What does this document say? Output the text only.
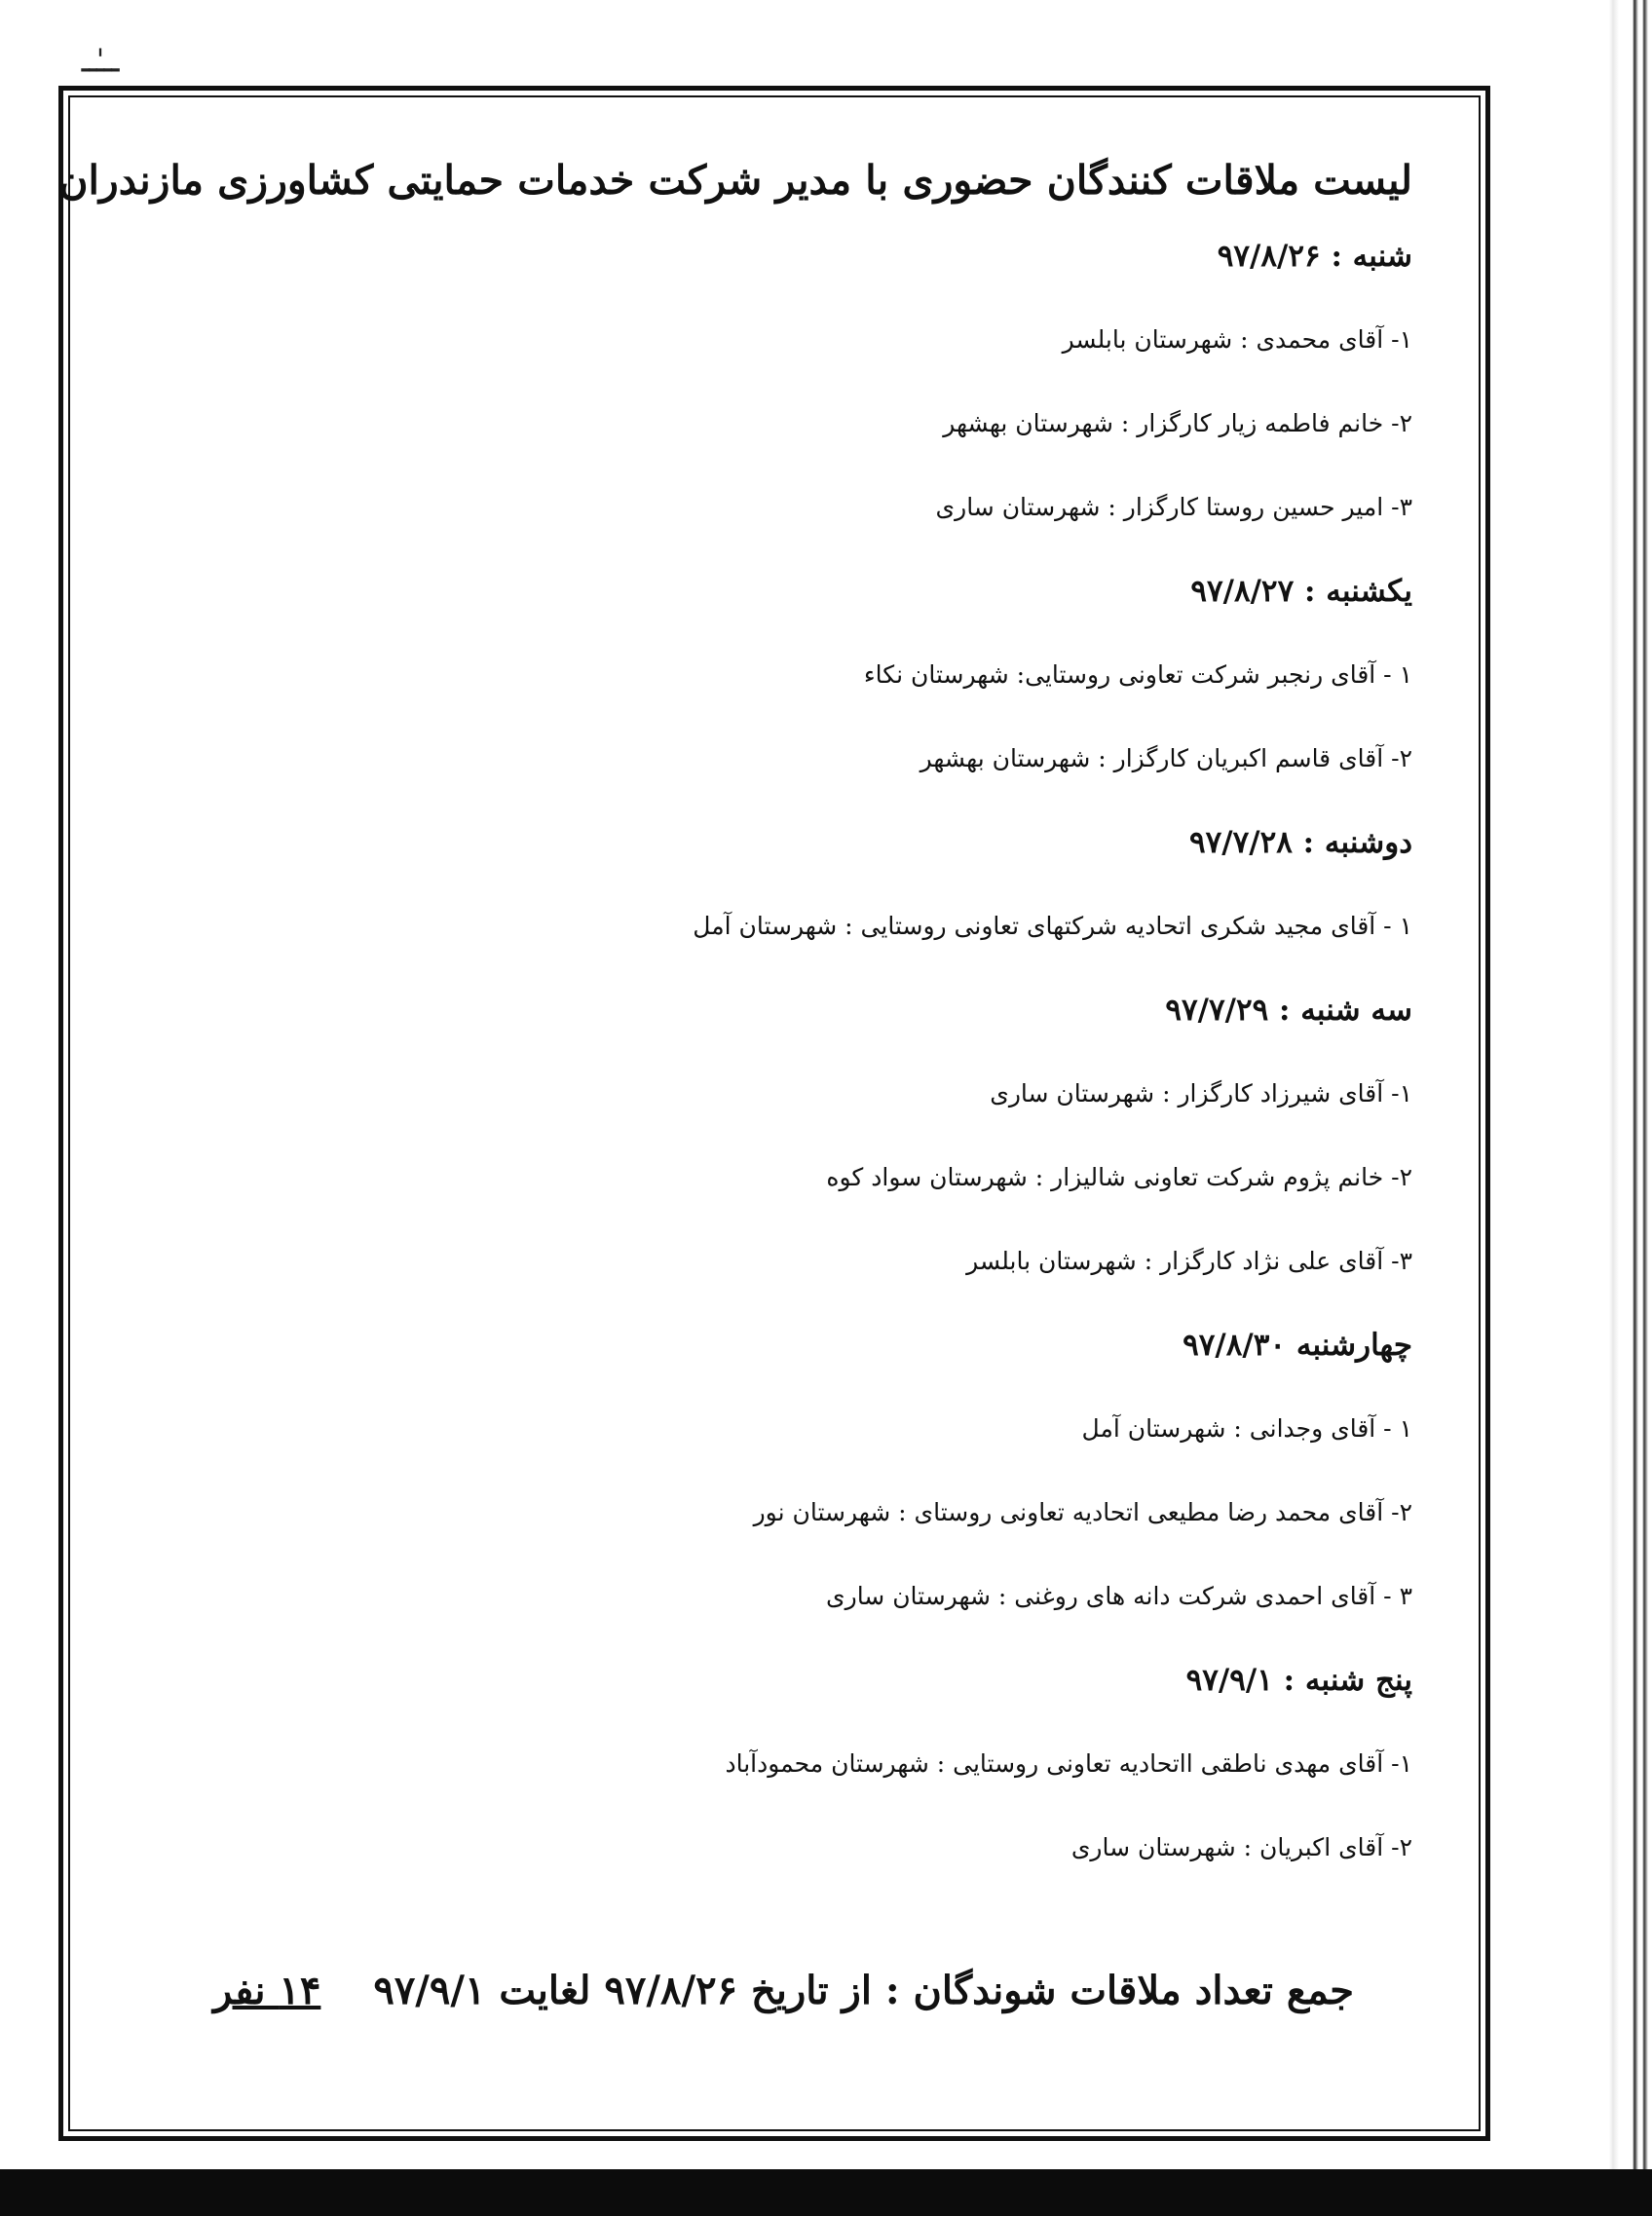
ـــٰــ
لیست ملاقات کنندگان حضوری با مدیر شرکت خدمات حمایتی کشاورزی مازندران
شنبه : ۹۷/۸/۲۶
۱- آقای محمدی : شهرستان بابلسر
۲- خانم فاطمه زیار کارگزار : شهرستان بهشهر
۳- امیر حسین روستا کارگزار : شهرستان ساری
یکشنبه : ۹۷/۸/۲۷
۱ - آقای رنجبر شرکت تعاونی روستایی: شهرستان نکاء
۲- آقای قاسم اکبریان کارگزار : شهرستان بهشهر
دوشنبه : ۹۷/۷/۲۸
۱ - آقای مجید شکری اتحادیه شرکتهای تعاونی روستایی : شهرستان آمل
سه شنبه : ۹۷/۷/۲۹
۱- آقای شیرزاد کارگزار : شهرستان ساری
۲- خانم پژوم شرکت تعاونی شالیزار : شهرستان سواد کوه
۳- آقای علی نژاد کارگزار : شهرستان بابلسر
چهارشنبه ۹۷/۸/۳۰
۱ - آقای وجدانی : شهرستان آمل
۲- آقای محمد رضا مطیعی اتحادیه تعاونی روستای : شهرستان نور
۳ - آقای احمدی شرکت دانه های روغنی : شهرستان ساری
پنج شنبه : ۹۷/۹/۱
۱- آقای مهدی ناطقی ااتحادیه تعاونی روستایی : شهرستان محمودآباد
۲- آقای اکبریان : شهرستان ساری
جمع تعداد ملاقات شوندگان : از تاریخ ۹۷/۸/۲۶ لغایت ۹۷/۹/۱ ۱۴ نفر
